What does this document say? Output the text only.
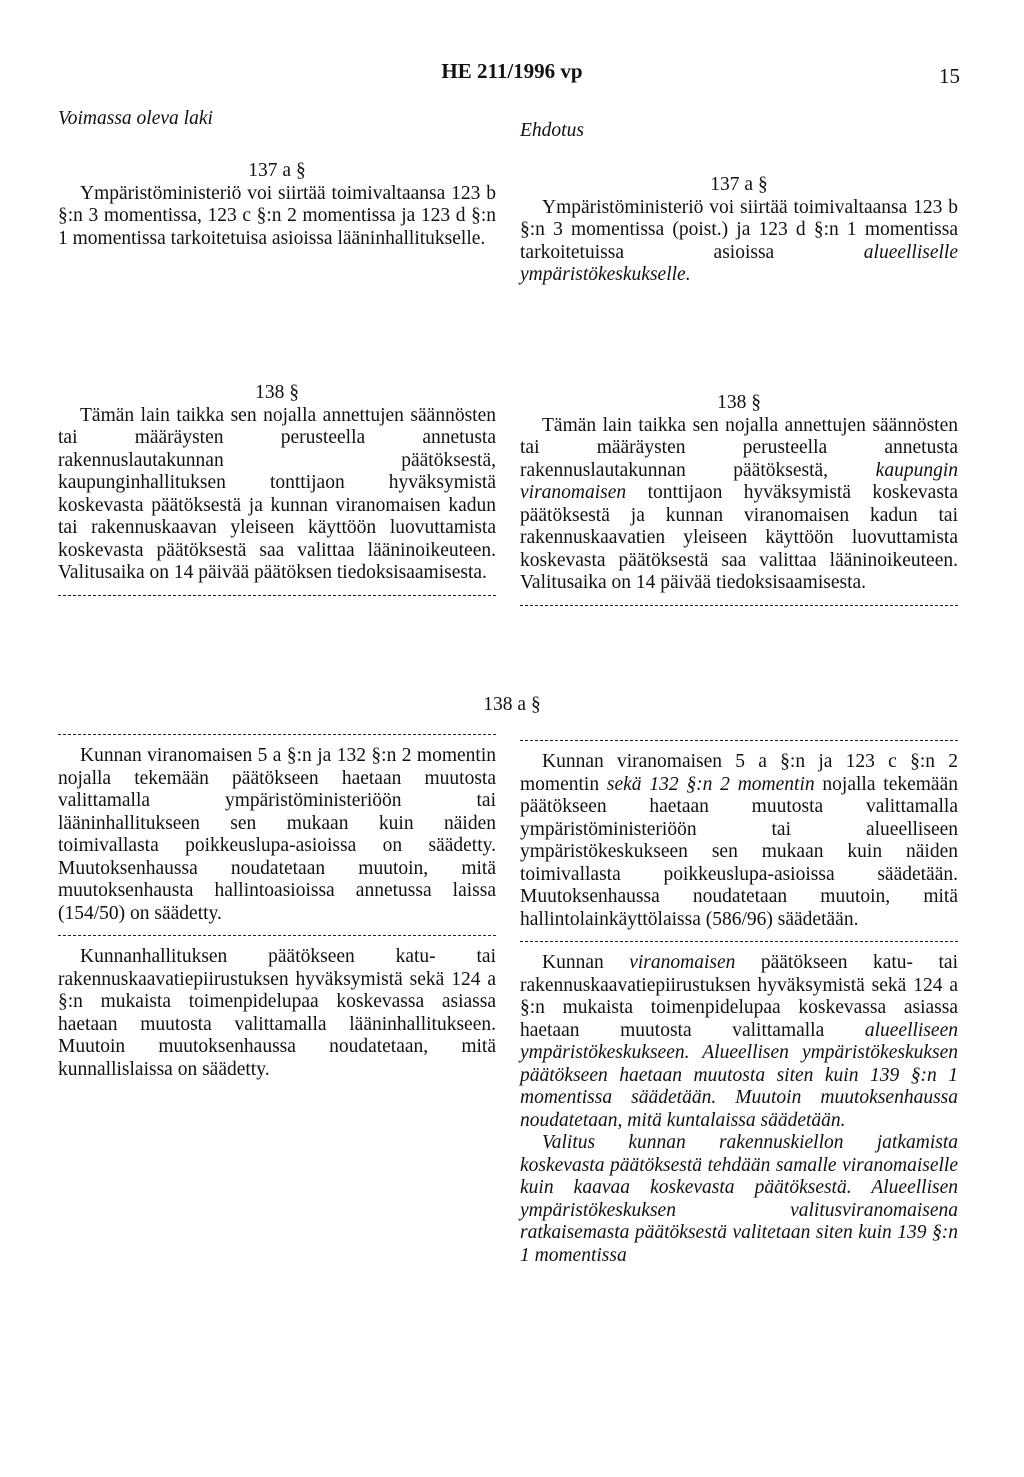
HE 211/1996 vp	15
Voimassa oleva laki
Ehdotus

137 a §

Ympäristöministeriö voi siirtää toimivaltaansa 123 b §:n 3 momentissa, 123 c §:n 2 momentissa ja 123 d §:n 1 momentissa tarkoitetuisa asioissa lääninhallitukselle.

137 a §

Ympäristöministeriö voi siirtää toimivaltaansa 123 b §:n 3 momentissa (poist.) ja 123 d §:n 1 momentissa tarkoitetuissa asioissa alueelliselle ympäristökeskukselle.

138 §

Tämän lain taikka sen nojalla annettujen säännösten tai määräysten perusteella annetusta rakennuslautakunnan päätöksestä, kaupunginhallituksen tonttijaon hyväksymistä koskevasta päätöksestä ja kunnan viranomaisen kadun tai rakennuskaavan yleiseen käyttöön luovuttamista koskevasta päätöksestä saa valittaa lääninoikeuteen. Valitusaika on 14 päivää päätöksen tiedoksisaamisesta.

138 §

Tämän lain taikka sen nojalla annettujen säännösten tai määräysten perusteella annetusta rakennuslautakunnan päätöksestä, kaupungin viranomaisen tonttijaon hyväksymistä koskevasta päätöksestä ja kunnan viranomaisen kadun tai rakennuskaavatien yleiseen käyttöön luovuttamista koskevasta päätöksestä saa valittaa lääninoikeuteen. Valitusaika on 14 päivää tiedoksisaamisesta.

138 a §

Kunnan viranomaisen 5 a §:n ja 132 §:n 2 momentin nojalla tekemään päätökseen haetaan muutosta valittamalla ympäristöministeriöön tai lääninhallitukseen sen mukaan kuin näiden toimivallasta poikkeuslupa-asioissa on säädetty. Muutoksenhaussa noudatetaan muutoin, mitä muutoksenhausta hallintoasioissa annetussa laissa (154/50) on säädetty.

Kunnanhallituksen päätökseen katu- tai rakennuskaavatiepiirustuksen hyväksymistä sekä 124 a §:n mukaista toimenpidelupaa koskevassa asiassa haetaan muutosta valittamalla lääninhallitukseen. Muutoin muutoksenhaussa noudatetaan, mitä kunnallislaissa on säädetty.

Kunnan viranomaisen 5 a §:n ja 123 c §:n 2 momentin sekä 132 §:n 2 momentin nojalla tekemään päätökseen haetaan muutosta valittamalla ympäristöministeriöön tai alueelliseen ympäristökeskukseen sen mukaan kuin näiden toimivallasta poikkeuslupa-asioissa säädetään. Muutoksenhaussa noudatetaan muutoin, mitä hallintolainkäyttölaissa (586/96) säädetään.

Kunnan viranomaisen päätökseen katu- tai rakennuskaavatiepiirustuksen hyväksymistä sekä 124 a §:n mukaista toimenpidelupaa koskevassa asiassa haetaan muutosta valittamalla alueelliseen ympäristökeskukseen. Alueellisen ympäristökeskuksen päätökseen haetaan muutosta siten kuin 139 §:n 1 momentissa säädetään. Muutoin muutoksenhaussa noudatetaan, mitä kuntalaissa säädetään.

Valitus kunnan rakennuskiellon jatkamista koskevasta päätöksestä tehdään samalle viranomaiselle kuin kaavaa koskevasta päätöksestä. Alueellisen ympäristökeskuksen valitusviranomaisena ratkaisemasta päätöksestä valitetaan siten kuin 139 §:n 1 momentissa
